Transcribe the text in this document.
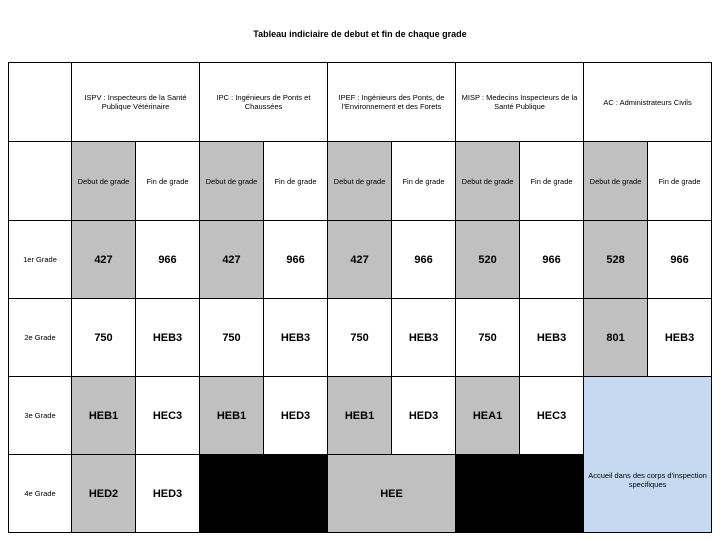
Tableau indiciaire de debut et fin de chaque grade
	ISPV : Inspecteurs de la Santé Publique Vétérinaire		IPC : Ingénieurs de Ponts et Chaussées		IPEF : Ingénieurs des Ponts, de l'Environnement et des Forets		MISP : Medecins Inspecteurs de la Santé Publique		AC : Administrateurs Civils	
	Debut de grade	Fin de grade	Debut de grade	Fin de grade	Debut de grade	Fin de grade	Debut de grade	Fin de grade	Debut de grade	Fin de grade
1er Grade	427	966	427	966	427	966	520	966	528	966
2e Grade	750	HEB3	750	HEB3	750	HEB3	750	HEB3	801	HEB3
3e Grade	HEB1	HEC3	HEB1	HED3	HEB1	HED3	HEA1	HEC3	Accueil dans des corps d'inspection specifiques	

4e Grade	HED2	HED3			HEE					
